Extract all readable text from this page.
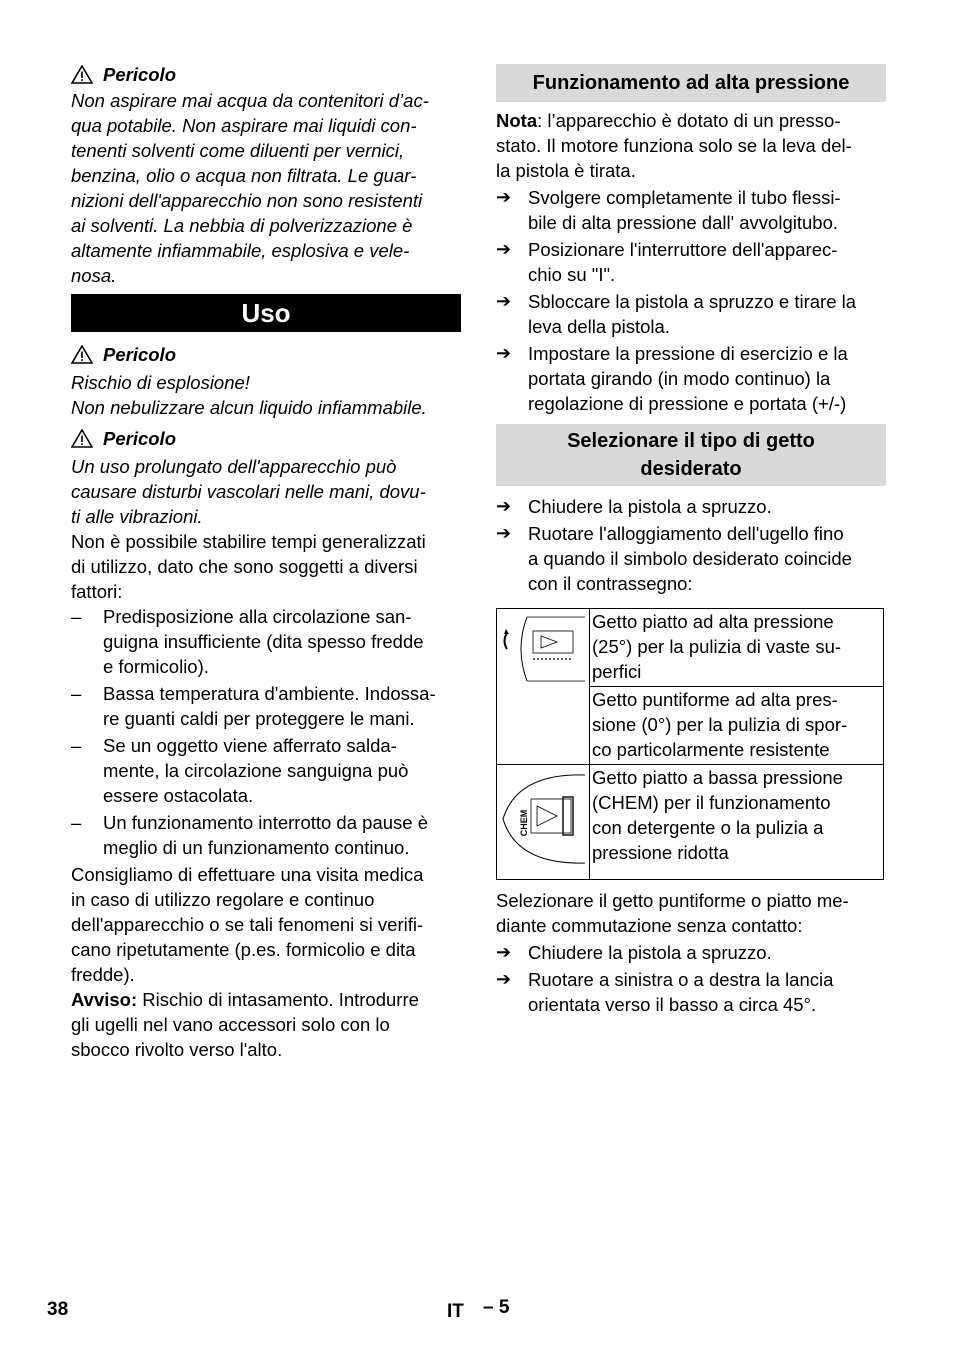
Pericolo

Non aspirare mai acqua da contenitori d’ac-
qua potabile. Non aspirare mai liquidi con-
tenenti solventi come diluenti per vernici,
benzina, olio o acqua non filtrata. Le guar-
nizioni dell'apparecchio non sono resistenti
ai solventi. La nebbia di polverizzazione è
altamente infiammabile, esplosiva e vele-
nosa.

Uso
Pericolo

Rischio di esplosione!
Non nebulizzare alcun liquido infiammabile.

Pericolo

Un uso prolungato dell'apparecchio può
causare disturbi vascolari nelle mani, dovu-
ti alle vibrazioni.

Non è possibile stabilire tempi generalizzati
di utilizzo, dato che sono soggetti a diversi
fattori:

–	Predisposizione alla circolazione san-
guigna insufficiente (dita spesso fredde
e formicolio).
–	Bassa temperatura d'ambiente. Indossa-
re guanti caldi per proteggere le mani.
–	Se un oggetto viene afferrato salda-
mente, la circolazione sanguigna può
essere ostacolata.
–	Un funzionamento interrotto da pause è
meglio di un funzionamento continuo.

Consigliamo di effettuare una visita medica
in caso di utilizzo regolare e continuo
dell'apparecchio o se tali fenomeni si verifi-
cano ripetutamente (p.es. formicolio e dita
fredde).

Avviso: Rischio di intasamento. Introdurre
gli ugelli nel vano accessori solo con lo
sbocco rivolto verso l'alto.

Funzionamento ad alta pressione

Nota: l’apparecchio è dotato di un presso-
stato. Il motore funziona solo se la leva del-
la pistola è tirata.

➔ Svolgere completamente il tubo flessi-
bile di alta pressione dall' avvolgitubo.
➔ Posizionare l'interruttore dell'apparec-
chio su "I".
➔ Sbloccare la pistola a spruzzo e tirare la
leva della pistola.
➔ Impostare la pressione di esercizio e la
portata girando (in modo continuo) la
regolazione di pressione e portata (+/-)
Selezionare il tipo di getto
desiderato
➔ Chiudere la pistola a spruzzo.
➔ Ruotare l'alloggiamento dell'ugello fino
a quando il simbolo desiderato coincide
con il contrassegno:
	Getto piatto ad alta pressione
(25°) per la pulizia di vaste su-
perfici
	Getto puntiforme ad alta pres-
sione (0°) per la pulizia di spor-
co particolarmente resistente

CHEM	Getto piatto a bassa pressione
(CHEM) per il funzionamento
con detergente o la pulizia a
pressione ridotta

Selezionare il getto puntiforme o piatto me-
diante commutazione senza contatto:

➔ Chiudere la pistola a spruzzo.
➔ Ruotare a sinistra o a destra la lancia
orientata verso il basso a circa 45°.
38	IT – 5
